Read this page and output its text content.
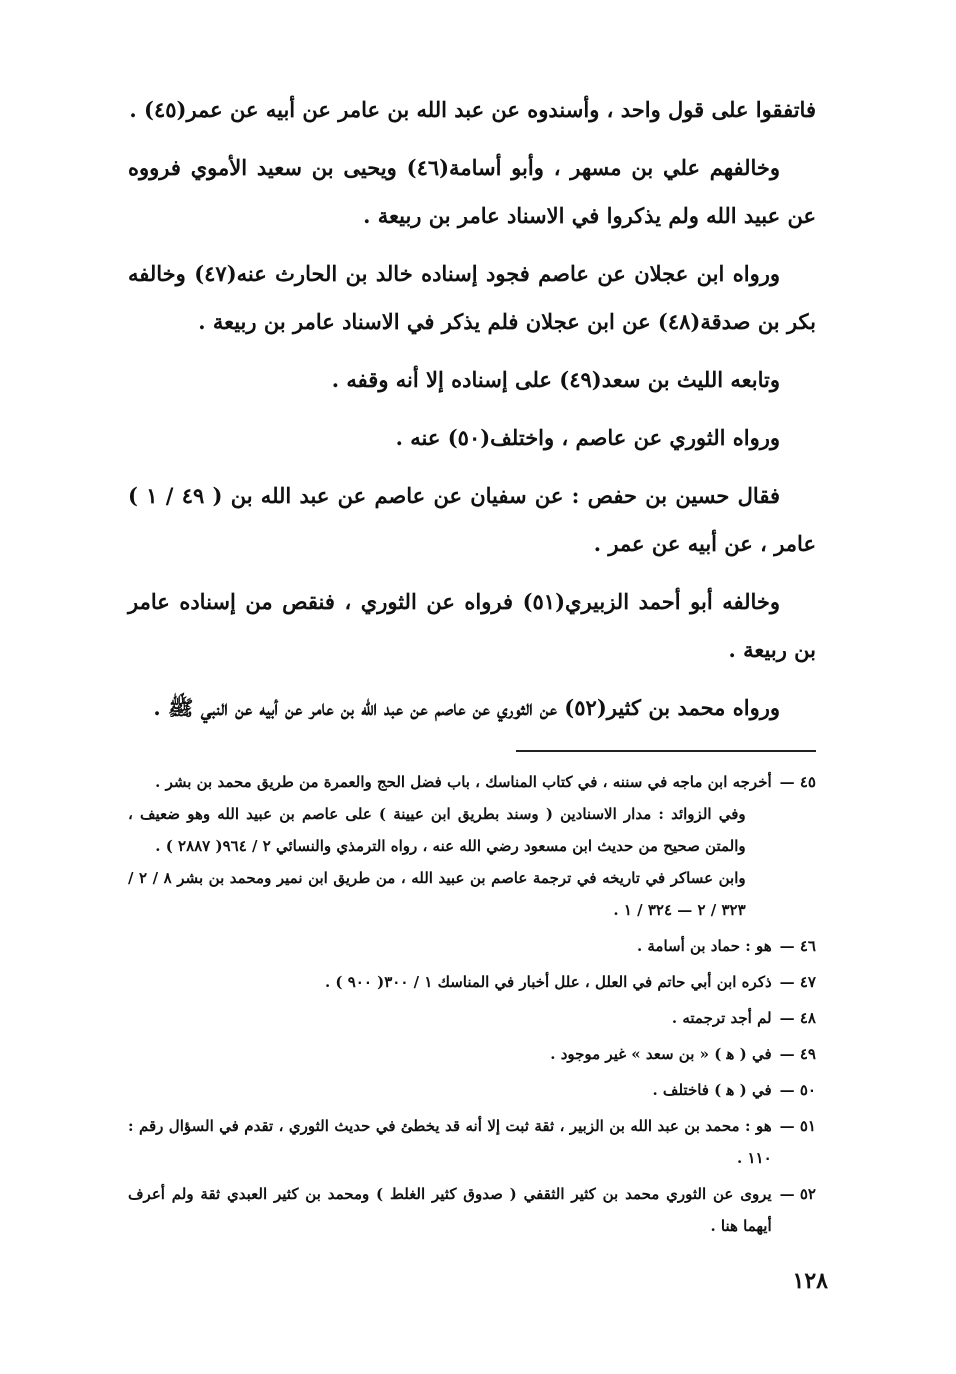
فاتفقوا على قول واحد ، وأسندوه عن عبد الله بن عامر عن أبيه عن عمر(٤٥) .

وخالفهم علي بن مسهر ، وأبو أسامة(٤٦) ويحيى بن سعيد الأموي فرووه عن عبيد الله ولم يذكروا في الاسناد عامر بن ربيعة .

ورواه ابن عجلان عن عاصم فجود إسناده خالد بن الحارث عنه(٤٧) وخالفه بكر بن صدقة(٤٨) عن ابن عجلان فلم يذكر في الاسناد عامر بن ربيعة .

وتابعه الليث بن سعد(٤٩) على إسناده إلا أنه وقفه .

ورواه الثوري عن عاصم ، واختلف(٥٠) عنه .

فقال حسين بن حفص : عن سفيان عن عاصم عن عبد الله بن ( ٤٩ / ١ ) عامر ، عن أبيه عن عمر .

وخالفه أبو أحمد الزبيري(٥١) فرواه عن الثوري ، فنقص من إسناده عامر بن ربيعة .

ورواه محمد بن كثير(٥٢) عن الثوري عن عاصم عن عبد الله بن عامر عن أبيه عن النبي ﷺ .

٤٥ —
أخرجه ابن ماجه في سننه ، في كتاب المناسك ، باب فضل الحج والعمرة من طريق محمد بن بشر .
وفي الزوائد : مدار الاسنادين ( وسند بطريق ابن عيينة ) على عاصم بن عبيد الله وهو ضعيف ، والمتن صحيح من حديث ابن مسعود رضي الله عنه ، رواه الترمذي والنسائي ٢ / ٩٦٤( ٢٨٨٧ ) .
وابن عساكر في تاريخه في ترجمة عاصم بن عبيد الله ، من طريق ابن نمير ومحمد بن بشر ٨ / ٢ / ٣٢٣ / ٢ — ٣٢٤ / ١ .
٤٦ —
هو : حماد بن أسامة .
٤٧ —
ذكره ابن أبي حاتم في العلل ، علل أخبار في المناسك ١ / ٣٠٠( ٩٠٠ ) .
٤٨ —
لم أجد ترجمته .
٤٩ —
في ( ﻫ ) « بن سعد » غير موجود .
٥٠ —
في ( ﻫ ) فاختلف .
٥١ —
هو : محمد بن عبد الله بن الزبير ، ثقة ثبت إلا أنه قد يخطئ في حديث الثوري ، تقدم في السؤال رقم : ١١٠ .
٥٢ —
يروى عن الثوري محمد بن كثير الثقفي ( صدوق كثير الغلط ) ومحمد بن كثير العبدي ثقة ولم أعرف أيهما هنا .
١٢٨
